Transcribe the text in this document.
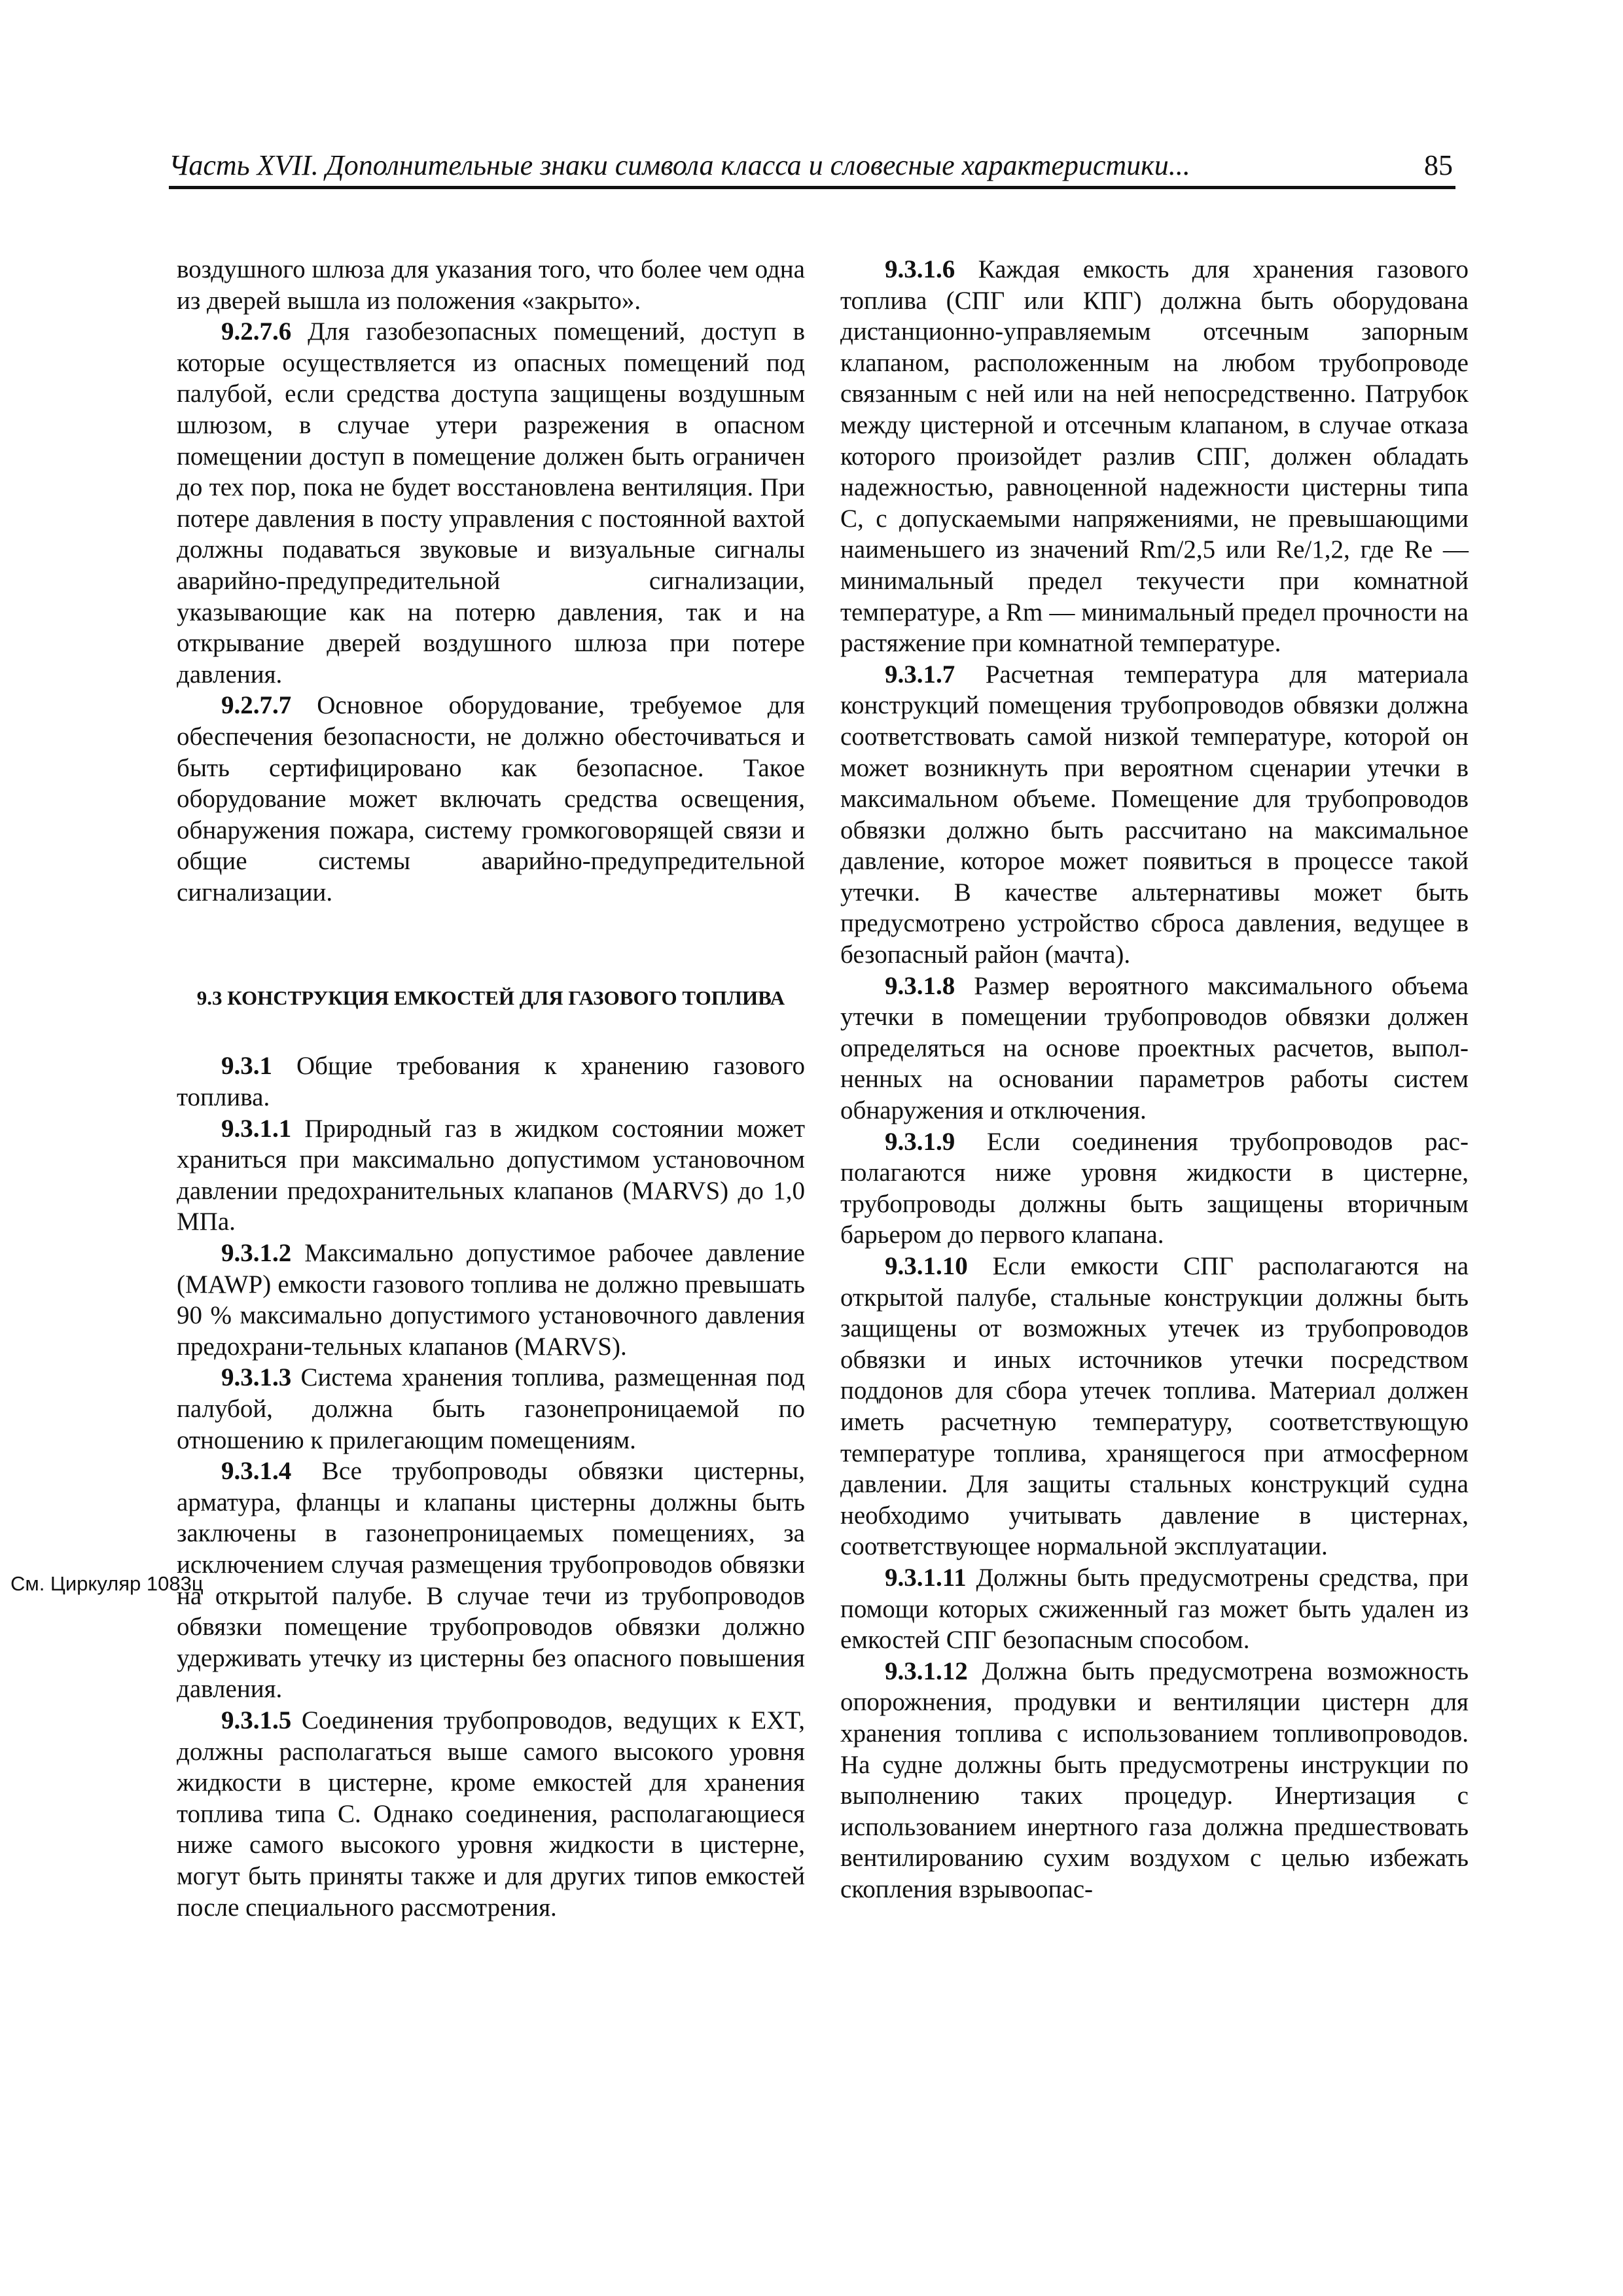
Часть XVII. Дополнительные знаки символа класса и словесные характеристики...	85
См. Циркуляр 1083ц

воздушного шлюза для указания того, что более чем одна из дверей вышла из положения «закрыто».

9.2.7.6 Для газобезопасных помещений, доступ в которые осуществляется из опасных помещений под палубой, если средства доступа защищены воздушным шлюзом, в случае утери разрежения в опасном помещении доступ в помещение должен быть ограничен до тех пор, пока не будет восстановлена вентиляция. При потере давления в посту управления с постоянной вахтой должны подаваться звуковые и визуальные сигналы аварийно-предупредительной сигнализации, указывающие как на потерю давления, так и на открывание дверей воздушного шлюза при потере давления.

9.2.7.7 Основное оборудование, требуемое для обеспечения безопасности, не должно обесточиваться и быть сертифицировано как безопасное. Такое оборудование может включать средства освещения, обнаружения пожара, систему громкоговорящей связи и общие системы аварийно-предупредительной сигнализации.

9.3 КОНСТРУКЦИЯ ЕМКОСТЕЙ ДЛЯ ГАЗОВОГО ТОПЛИВА

9.3.1 Общие требования к хранению газового топлива.

9.3.1.1 Природный газ в жидком состоянии может храниться при максимально допустимом установочном давлении предохранительных клапанов (MARVS) до 1,0 МПа.

9.3.1.2 Максимально допустимое рабочее давление (MAWP) емкости газового топлива не должно превышать 90 % максимально допустимого установочного давления предохрани-тельных клапанов (MARVS).

9.3.1.3 Система хранения топлива, размещенная под палубой, должна быть газонепроницаемой по отношению к прилегающим помещениям.

9.3.1.4 Все трубопроводы обвязки цистерны, арматура, фланцы и клапаны цистерны должны быть заключены в газонепроницаемых помещениях, за исключением случая размещения трубопроводов обвязки на открытой палубе. В случае течи из трубопроводов обвязки помещение трубопроводов обвязки должно удерживать утечку из цистерны без опасного повышения давления.

9.3.1.5 Соединения трубопроводов, ведущих к EXT, должны располагаться выше самого высокого уровня жидкости в цистерне, кроме емкостей для хранения топлива типа С. Однако соединения, располагающиеся ниже самого высокого уровня жидкости в цистерне, могут быть приняты также и для других типов емкостей после специального рассмотрения.

9.3.1.6 Каждая емкость для хранения газового топлива (СПГ или КПГ) должна быть оборудована дистанционно-управляемым отсечным запорным клапаном, расположенным на любом трубопроводе связанным с ней или на ней непосредственно. Патрубок между цистерной и отсечным клапаном, в случае отказа которого произойдет разлив СПГ, должен обладать надежностью, равноценной надежности цистерны типа С, с допускаемыми напряжениями, не превышающими наименьшего из значений Rm/2,5 или Re/1,2, где Re — минимальный предел текучести при комнатной температуре, а Rm — минимальный предел прочности на растяжение при комнатной температуре.

9.3.1.7 Расчетная температура для материала конструкций помещения трубопроводов обвязки должна соответствовать самой низкой температуре, которой он может возникнуть при вероятном сценарии утечки в максимальном объеме. Помещение для трубопроводов обвязки должно быть рассчитано на максимальное давление, которое может появиться в процессе такой утечки. В качестве альтернативы может быть предусмотрено устройство сброса давления, ведущее в безопасный район (мачта).

9.3.1.8 Размер вероятного максимального объема утечки в помещении трубопроводов обвязки должен определяться на основе проектных расчетов, выполненных на основании параметров работы систем обнаружения и отключения.

9.3.1.9 Если соединения трубопроводов располагаются ниже уровня жидкости в цистерне, трубопроводы должны быть защищены вторичным барьером до первого клапана.

9.3.1.10 Если емкости СПГ располагаются на открытой палубе, стальные конструкции должны быть защищены от возможных утечек из трубопроводов обвязки и иных источников утечки посредством поддонов для сбора утечек топлива. Материал должен иметь расчетную температуру, соответствующую температуре топлива, хранящегося при атмосферном давлении. Для защиты стальных конструкций судна необходимо учитывать давление в цистернах, соответствующее нормальной эксплуатации.

9.3.1.11 Должны быть предусмотрены средства, при помощи которых сжиженный газ может быть удален из емкостей СПГ безопасным способом.

9.3.1.12 Должна быть предусмотрена возможность опорожнения, продувки и вентиляции цистерн для хранения топлива с использованием топливопроводов. На судне должны быть предусмотрены инструкции по выполнению таких процедур. Инертизация с использованием инертного газа должна предшествовать вентилированию сухим воздухом с целью избежать скопления взрывоопас-
